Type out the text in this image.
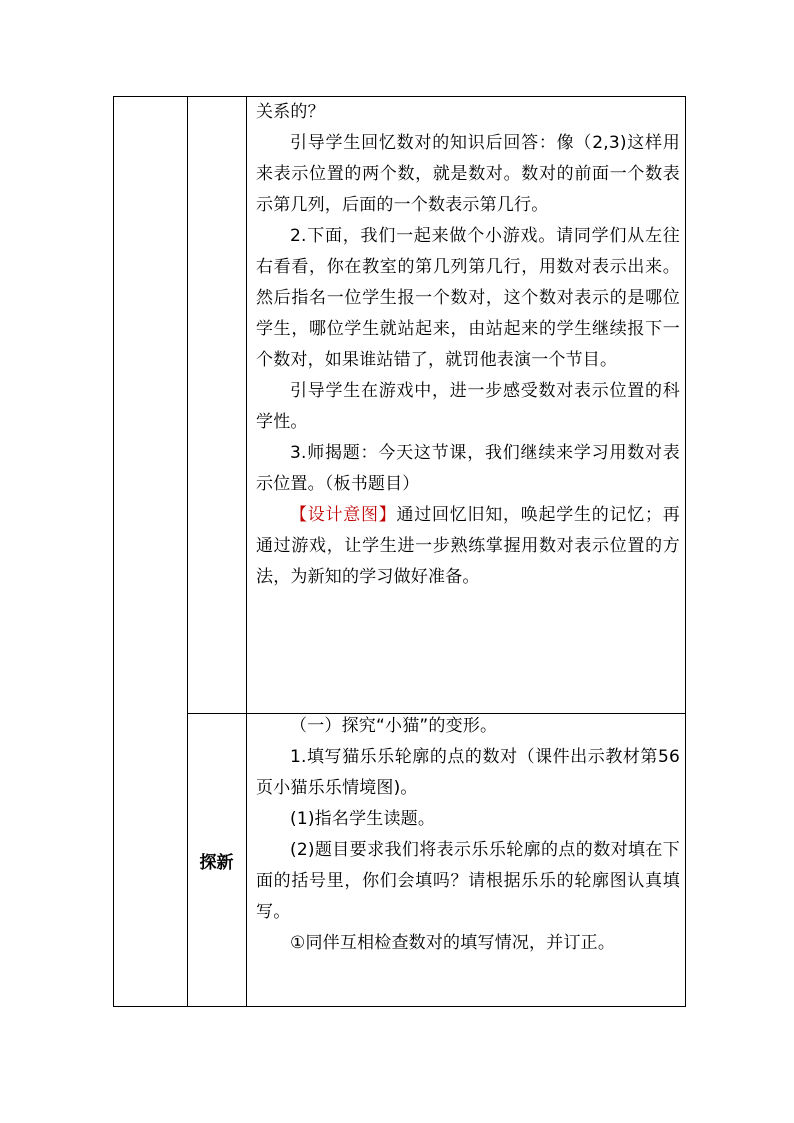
关系的？

引导学生回忆数对的知识后回答：像（2,3)这样用来表示位置的两个数，就是数对。数对的前面一个数表示第几列，后面的一个数表示第几行。

2.下面，我们一起来做个小游戏。请同学们从左往右看看，你在教室的第几列第几行，用数对表示出来。然后指名一位学生报一个数对，这个数对表示的是哪位学生，哪位学生就站起来，由站起来的学生继续报下一个数对，如果谁站错了，就罚他表演一个节目。

引导学生在游戏中，进一步感受数对表示位置的科学性。

3.师揭题：今天这节课，我们继续来学习用数对表示位置。（板书题目）

【设计意图】通过回忆旧知，唤起学生的记忆；再通过游戏，让学生进一步熟练掌握用数对表示位置的方法，为新知的学习做好准备。

探新

（一）探究“小猫”的变形。

1.填写猫乐乐轮廓的点的数对（课件出示教材第56页小猫乐乐情境图)。

(1)指名学生读题。

(2)题目要求我们将表示乐乐轮廓的点的数对填在下面的括号里，你们会填吗？请根据乐乐的轮廓图认真填写。

①同伴互相检查数对的填写情况，并订正。
